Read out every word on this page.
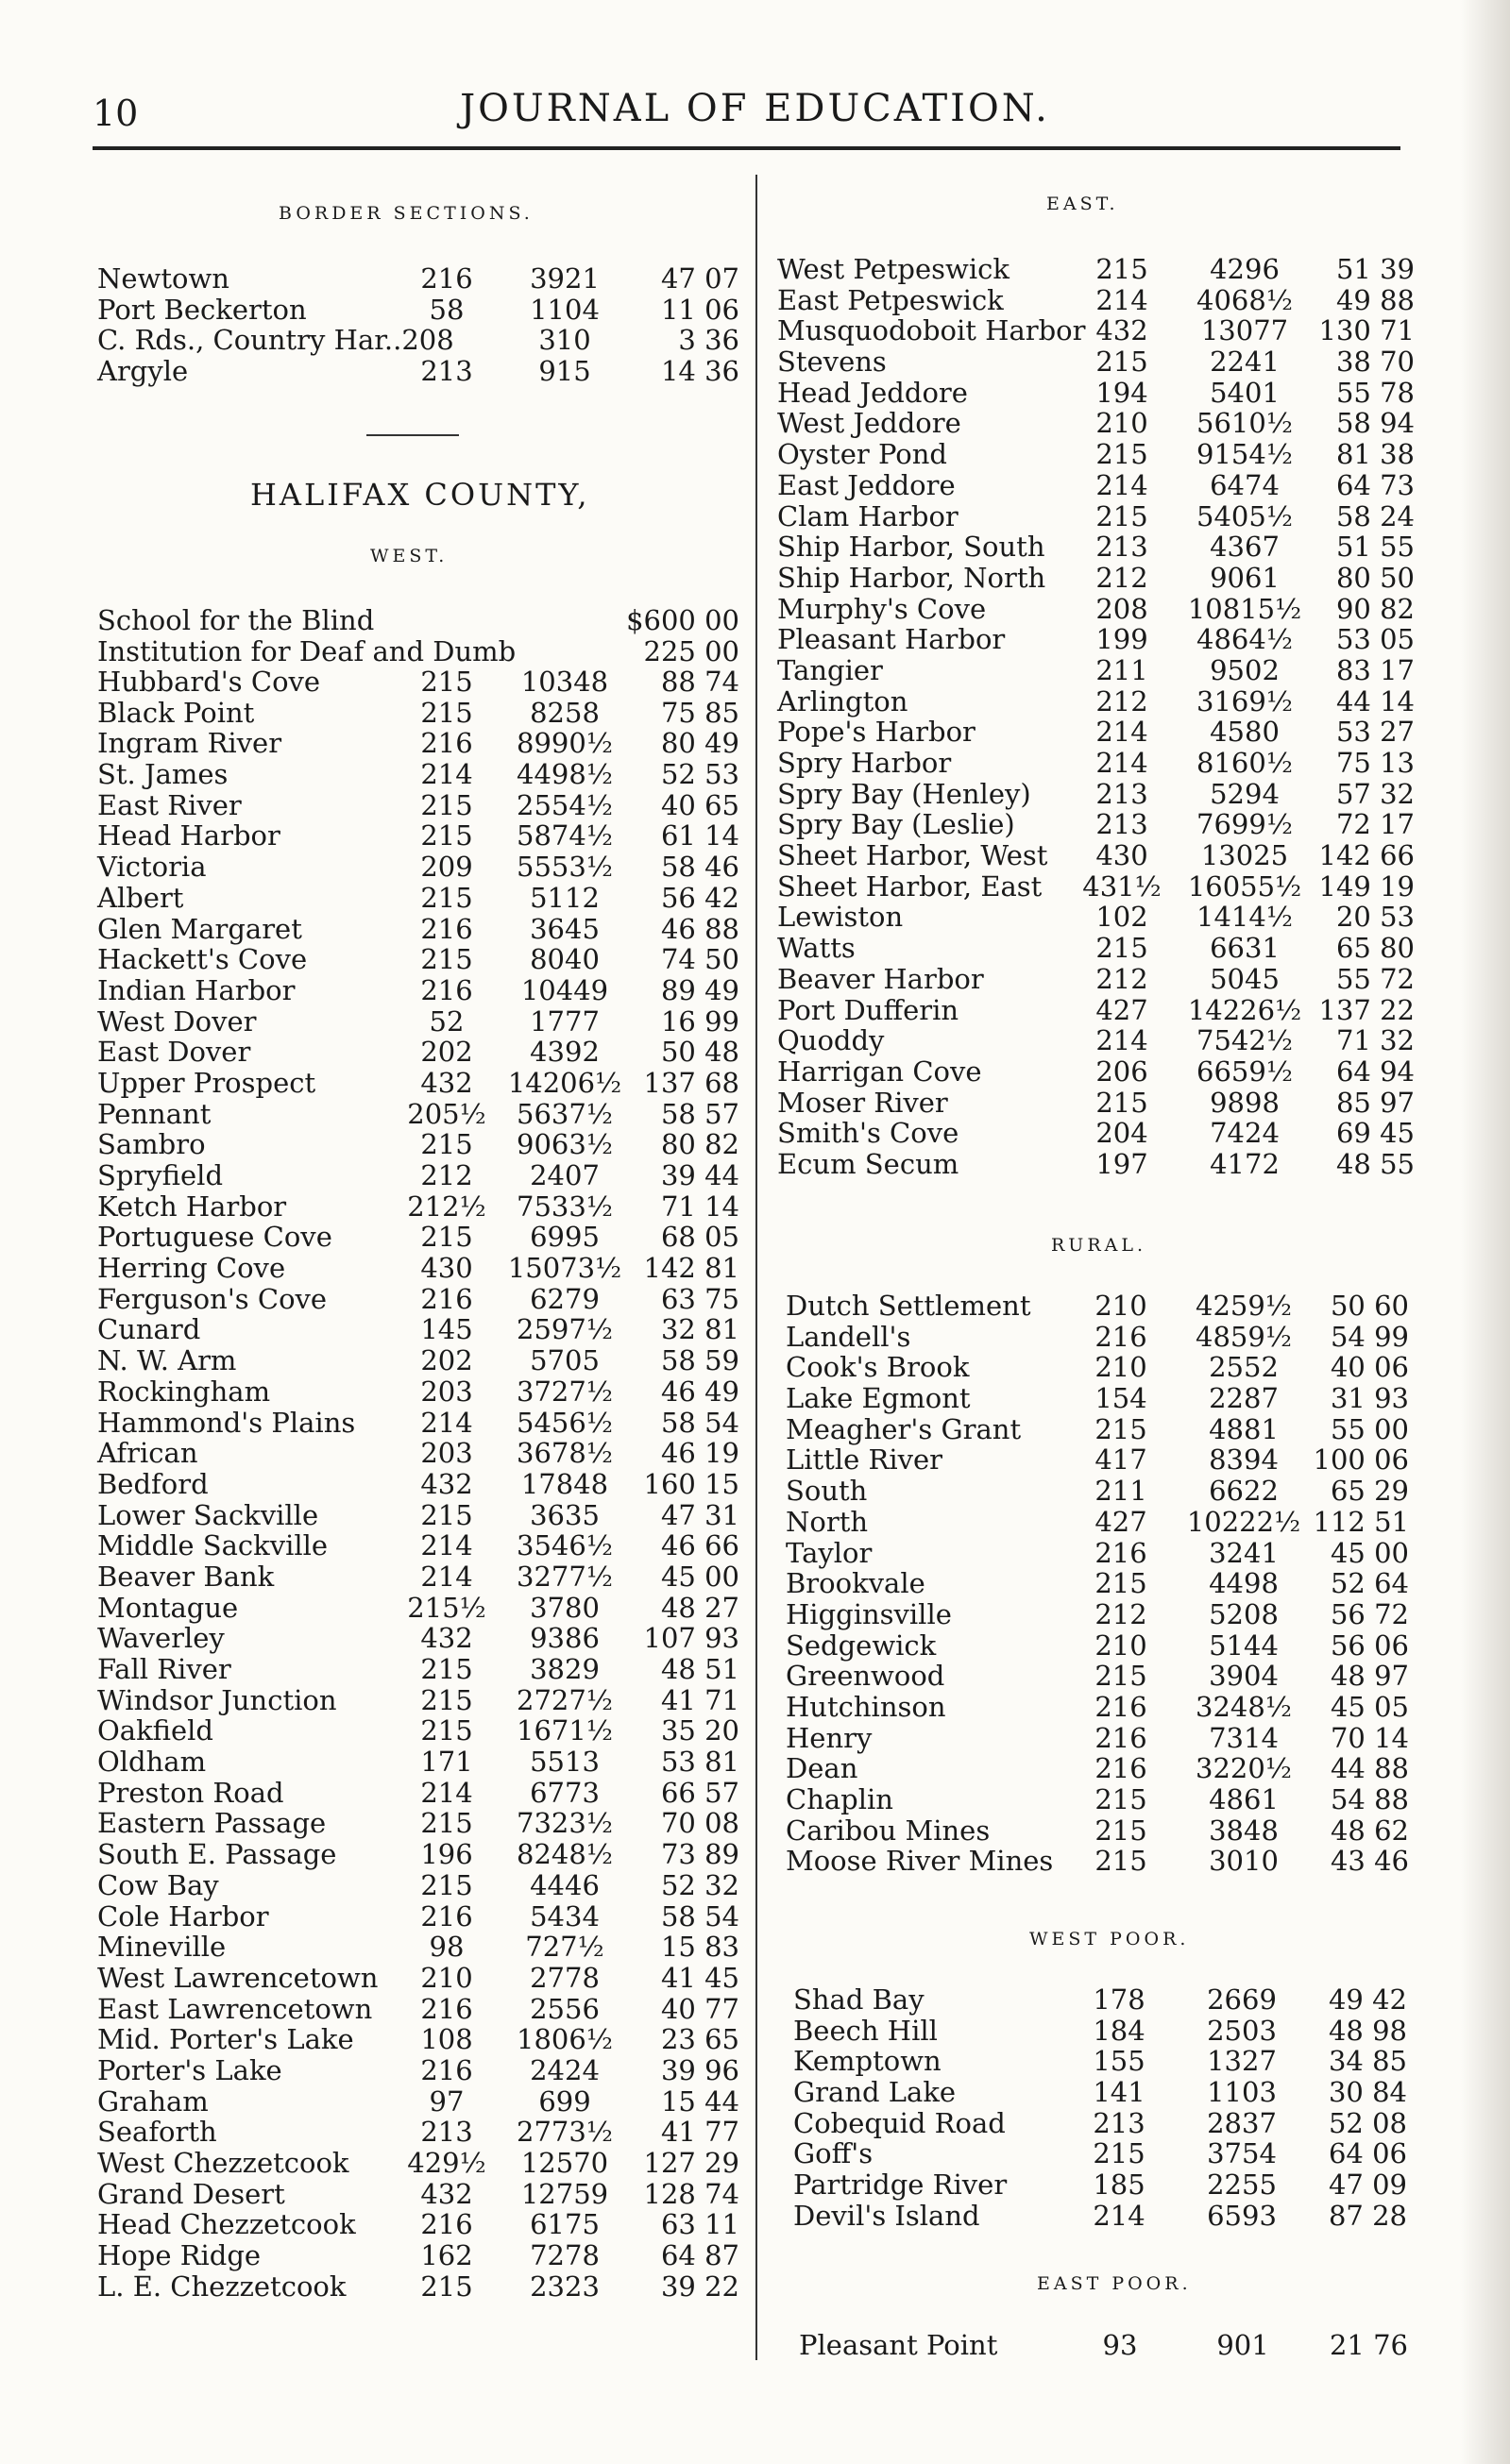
10	JOURNAL OF EDUCATION.
BORDER SECTIONS.
Newtown	216	3921	47 07
Port Beckerton	58	1104	11 06
C. Rds., Country Har..208	310	3 36
Argyle	213	915	14 36
HALIFAX COUNTY,
WEST.
School for the Blind	$600 00
Institution for Deaf and Dumb	225 00
Hubbard's Cove	215	10348	88 74
Black Point	215	8258	75 85
Ingram River	216	8990½	80 49
St. James	214	4498½	52 53
East River	215	2554½	40 65
Head Harbor	215	5874½	61 14
Victoria	209	5553½	58 46
Albert	215	5112	56 42
Glen Margaret	216	3645	46 88
Hackett's Cove	215	8040	74 50
Indian Harbor	216	10449	89 49
West Dover	52	1777	16 99
East Dover	202	4392	50 48
Upper Prospect	432	14206½ 137 68
Pennant	205½	5637½	58 57
Sambro	215	9063½	80 82
Spryfield	212	2407	39 44
Ketch Harbor	212½	7533½	71 14
Portuguese Cove	215	6995	68 05
Herring Cove	430	15073½ 142 81
Ferguson's Cove	216	6279	63 75
Cunard	145	2597½	32 81
N. W. Arm	202	5705	58 59
Rockingham	203	3727½	46 49
Hammond's Plains	214	5456½	58 54
African	203	3678½	46 19
Bedford	432	17848	160 15
Lower Sackville	215	3635	47 31
Middle Sackville	214	3546½	46 66
Beaver Bank	214	3277½	45 00
Montague	215½	3780	48 27
Waverley	432	9386	107 93
Fall River	215	3829	48 51
Windsor Junction	215	2727½	41 71
Oakfield	215	1671½	35 20
Oldham	171	5513	53 81
Preston Road	214	6773	66 57
Eastern Passage	215	7323½	70 08
South E. Passage	196	8248½	73 89
Cow Bay	215	4446	52 32
Cole Harbor	216	5434	58 54
Mineville	98	727½	15 83
West Lawrencetown	210	2778	41 45
East Lawrencetown	216	2556	40 77
Mid. Porter's Lake	108	1806½	23 65
Porter's Lake	216	2424	39 96
Graham	97	699	15 44
Seaforth	213	2773½	41 77
West Chezzetcook 429½	12570	127 29
Grand Desert	432	12759	128 74
Head Chezzetcook	216	6175	63 11
Hope Ridge	162	7278	64 87
L. E. Chezzetcook	215	2323	39 22
EAST.
West Petpeswick	215	4296	51 39
East Petpeswick	214	4068½	49 88
Musquodoboit Harbor 432	13077	130 71
Stevens	215	2241	38 70
Head Jeddore	194	5401	55 78
West Jeddore	210	5610½	58 94
Oyster Pond	215	9154½	81 38
East Jeddore	214	6474	64 73
Clam Harbor	215	5405½	58 24
Ship Harbor, South	213	4367	51 55
Ship Harbor, North	212	9061	80 50
Murphy's Cove	208	10815½	90 82
Pleasant Harbor	199	4864½	53 05
Tangier	211	9502	83 17
Arlington	212	3169½	44 14
Pope's Harbor	214	4580	53 27
Spry Harbor	214	8160½	75 13
Spry Bay (Henley)	213	5294	57 32
Spry Bay (Leslie)	213	7699½	72 17
Sheet Harbor, West	430	13025	142 66
Sheet Harbor, East 431½ 16055½ 149 19
Lewiston	102	1414½	20 53
Watts	215	6631	65 80
Beaver Harbor	212	5045	55 72
Port Dufferin	427	14226½ 137 22
Quoddy	214	7542½	71 32
Harrigan Cove	206	6659½	64 94
Moser River	215	9898	85 97
Smith's Cove	204	7424	69 45
Ecum Secum	197	4172	48 55
RURAL.
Dutch Settlement	210	4259½	50 60
Landell's	216	4859½	54 99
Cook's Brook	210	2552	40 06
Lake Egmont	154	2287	31 93
Meagher's Grant	215	4881	55 00
Little River	417	8394	100 06
South	211	6622	65 29
North	427	10222½ 112 51
Taylor	216	3241	45 00
Brookvale	215	4498	52 64
Higginsville	212	5208	56 72
Sedgewick	210	5144	56 06
Greenwood	215	3904	48 97
Hutchinson	216	3248½	45 05
Henry	216	7314	70 14
Dean	216	3220½	44 88
Chaplin	215	4861	54 88
Caribou Mines	215	3848	48 62
Moose River Mines	215	3010	43 46
WEST POOR.
Shad Bay	178	2669	49 42
Beech Hill	184	2503	48 98
Kemptown	155	1327	34 85
Grand Lake	141	1103	30 84
Cobequid Road	213	2837	52 08
Goff's	215	3754	64 06
Partridge River	185	2255	47 09
Devil's Island	214	6593	87 28
EAST POOR.
Pleasant Point	93	901	21 76
